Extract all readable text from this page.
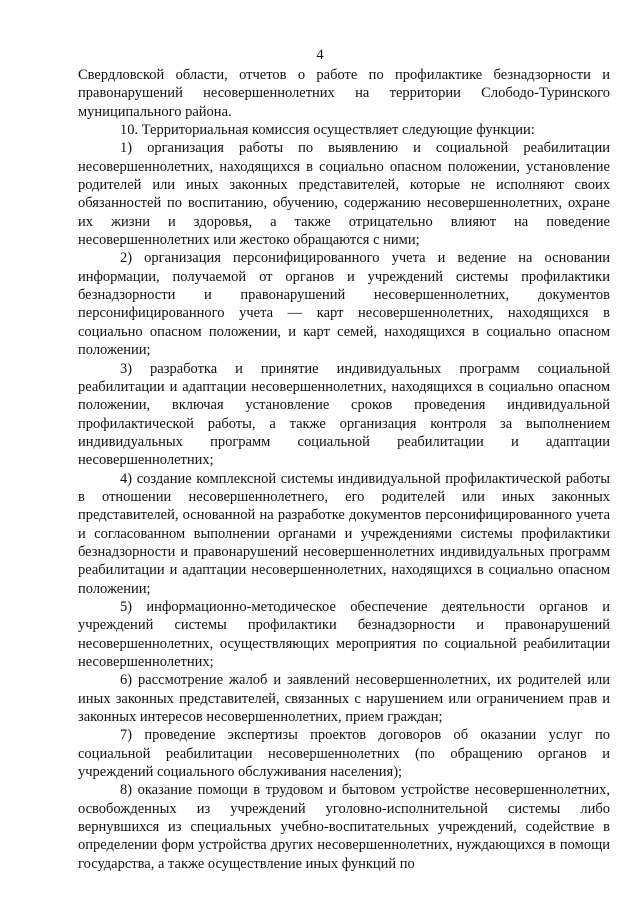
4

Свердловской области, отчетов о работе по профилактике безнадзорности и правонарушений несовершеннолетних на территории Слободо-Туринского муниципального района.

10. Территориальная комиссия осуществляет следующие функции:

1) организация работы по выявлению и социальной реабилитации несовершеннолетних, находящихся в социально опасном положении, установление родителей или иных законных представителей, которые не исполняют своих обязанностей по воспитанию, обучению, содержанию несовершеннолетних, охране их жизни и здоровья, а также отрицательно влияют на поведение несовершеннолетних или жестоко обращаются с ними;

2) организация персонифицированного учета и ведение на основании информации, получаемой от органов и учреждений системы профилактики безнадзорности и правонарушений несовершеннолетних, документов персонифицированного учета — карт несовершеннолетних, находящихся в социально опасном положении, и карт семей, находящихся в социально опасном положении;

3) разработка и принятие индивидуальных программ социальной реабилитации и адаптации несовершеннолетних, находящихся в социально опасном положении, включая установление сроков проведения индивидуальной профилактической работы, а также организация контроля за выполнением индивидуальных программ социальной реабилитации и адаптации несовершеннолетних;

4) создание комплексной системы индивидуальной профилактической работы в отношении несовершеннолетнего, его родителей или иных законных представителей, основанной на разработке документов персонифицированного учета и согласованном выполнении органами и учреждениями системы профилактики безнадзорности и правонарушений несовершеннолетних индивидуальных программ реабилитации и адаптации несовершеннолетних, находящихся в социально опасном положении;

5) информационно-методическое обеспечение деятельности органов и учреждений системы профилактики безнадзорности и правонарушений несовершеннолетних, осуществляющих мероприятия по социальной реабилитации несовершеннолетних;

6) рассмотрение жалоб и заявлений несовершеннолетних, их родителей или иных законных представителей, связанных с нарушением или ограничением прав и законных интересов несовершеннолетних, прием граждан;

7) проведение экспертизы проектов договоров об оказании услуг по социальной реабилитации несовершеннолетних (по обращению органов и учреждений социального обслуживания населения);

8) оказание помощи в трудовом и бытовом устройстве несовершеннолетних, освобожденных из учреждений уголовно-исполнительной системы либо вернувшихся из специальных учебно-воспитательных учреждений, содействие в определении форм устройства других несовершеннолетних, нуждающихся в помощи государства, а также осуществление иных функций по
